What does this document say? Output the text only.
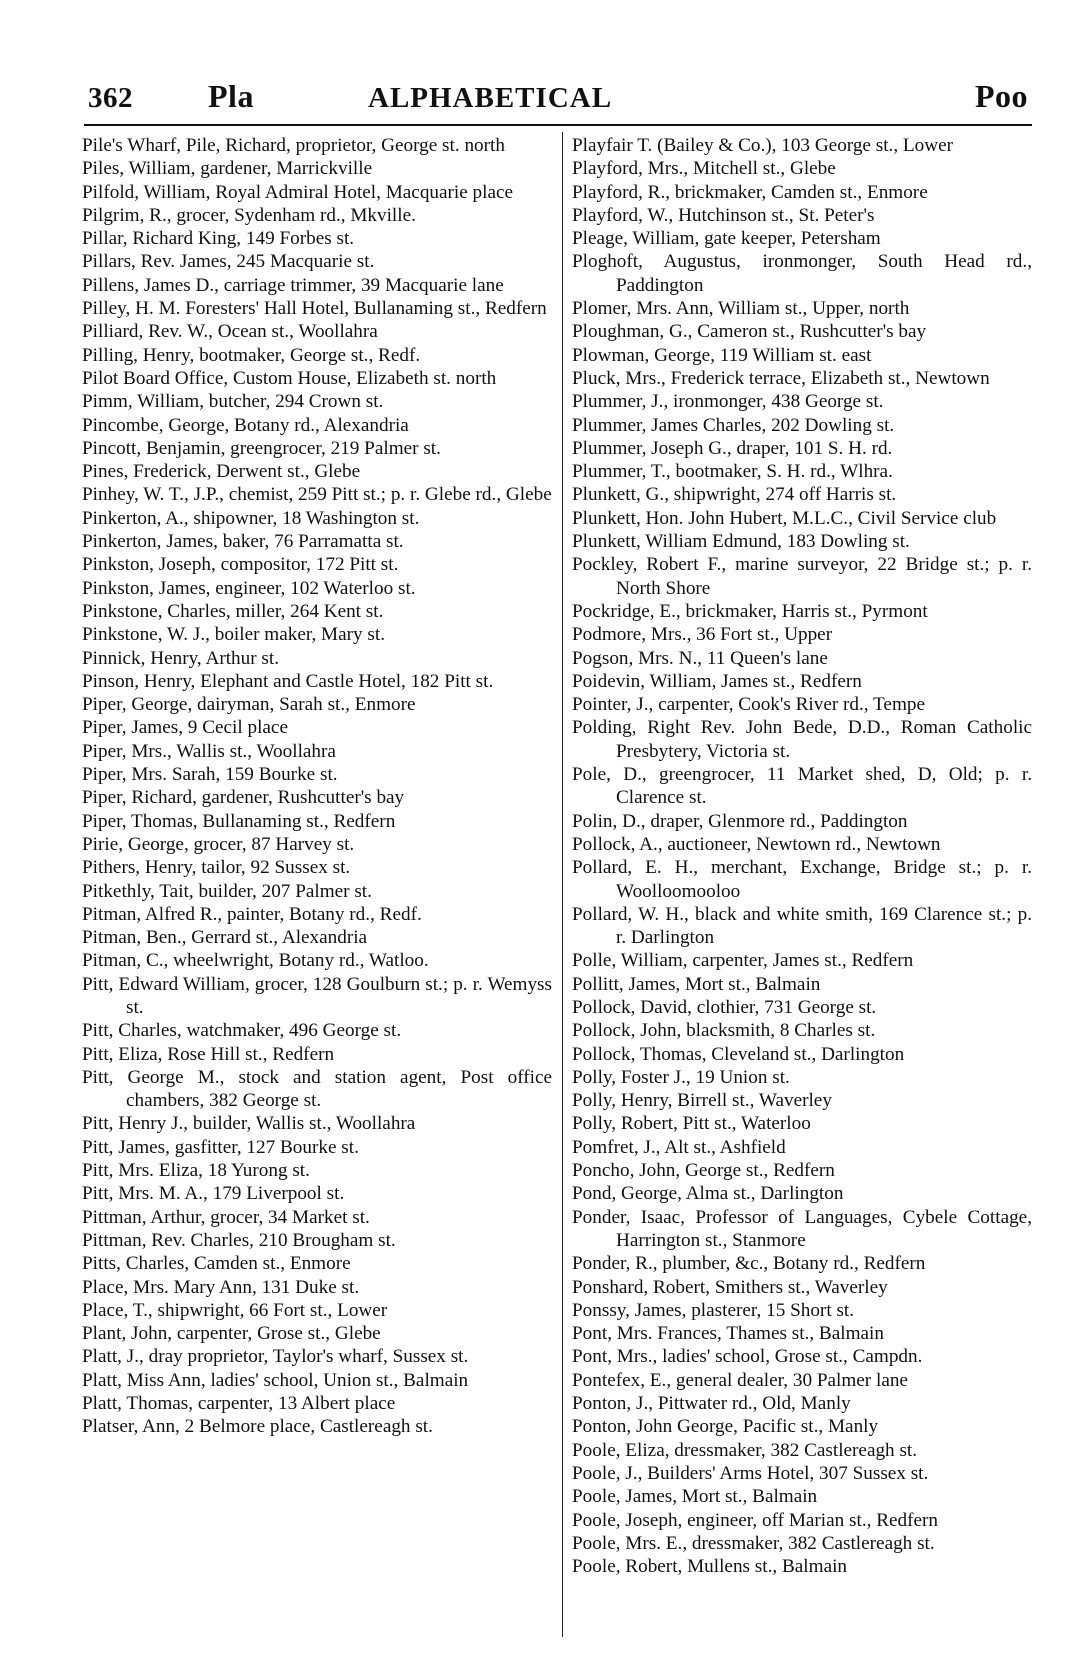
362	Pla	ALPHABETICAL	Poo
Pile's Wharf, Pile, Richard, proprietor, George st. north
Piles, William, gardener, Marrickville
Pilfold, William, Royal Admiral Hotel, Macquarie place
Pilgrim, R., grocer, Sydenham rd., Mkville.
Pillar, Richard King, 149 Forbes st.
Pillars, Rev. James, 245 Macquarie st.
Pillens, James D., carriage trimmer, 39 Macquarie lane
Pilley, H. M. Foresters' Hall Hotel, Bullanaming st., Redfern
Pilliard, Rev. W., Ocean st., Woollahra
Pilling, Henry, bootmaker, George st., Redf.
Pilot Board Office, Custom House, Elizabeth st. north
Pimm, William, butcher, 294 Crown st.
Pincombe, George, Botany rd., Alexandria
Pincott, Benjamin, greengrocer, 219 Palmer st.
Pines, Frederick, Derwent st., Glebe
Pinhey, W. T., J.P., chemist, 259 Pitt st.; p. r. Glebe rd., Glebe
Pinkerton, A., shipowner, 18 Washington st.
Pinkerton, James, baker, 76 Parramatta st.
Pinkston, Joseph, compositor, 172 Pitt st.
Pinkston, James, engineer, 102 Waterloo st.
Pinkstone, Charles, miller, 264 Kent st.
Pinkstone, W. J., boiler maker, Mary st.
Pinnick, Henry, Arthur st.
Pinson, Henry, Elephant and Castle Hotel, 182 Pitt st.
Piper, George, dairyman, Sarah st., Enmore
Piper, James, 9 Cecil place
Piper, Mrs., Wallis st., Woollahra
Piper, Mrs. Sarah, 159 Bourke st.
Piper, Richard, gardener, Rushcutter's bay
Piper, Thomas, Bullanaming st., Redfern
Pirie, George, grocer, 87 Harvey st.
Pithers, Henry, tailor, 92 Sussex st.
Pitkethly, Tait, builder, 207 Palmer st.
Pitman, Alfred R., painter, Botany rd., Redf.
Pitman, Ben., Gerrard st., Alexandria
Pitman, C., wheelwright, Botany rd., Watloo.
Pitt, Edward William, grocer, 128 Goulburn st.; p. r. Wemyss st.
Pitt, Charles, watchmaker, 496 George st.
Pitt, Eliza, Rose Hill st., Redfern
Pitt, George M., stock and station agent, Post office chambers, 382 George st.
Pitt, Henry J., builder, Wallis st., Woollahra
Pitt, James, gasfitter, 127 Bourke st.
Pitt, Mrs. Eliza, 18 Yurong st.
Pitt, Mrs. M. A., 179 Liverpool st.
Pittman, Arthur, grocer, 34 Market st.
Pittman, Rev. Charles, 210 Brougham st.
Pitts, Charles, Camden st., Enmore
Place, Mrs. Mary Ann, 131 Duke st.
Place, T., shipwright, 66 Fort st., Lower
Plant, John, carpenter, Grose st., Glebe
Platt, J., dray proprietor, Taylor's wharf, Sussex st.
Platt, Miss Ann, ladies' school, Union st., Balmain
Platt, Thomas, carpenter, 13 Albert place
Platser, Ann, 2 Belmore place, Castlereagh st.
Playfair T. (Bailey & Co.), 103 George st., Lower
Playford, Mrs., Mitchell st., Glebe
Playford, R., brickmaker, Camden st., Enmore
Playford, W., Hutchinson st., St. Peter's
Pleage, William, gate keeper, Petersham
Ploghoft, Augustus, ironmonger, South Head rd., Paddington
Plomer, Mrs. Ann, William st., Upper, north
Ploughman, G., Cameron st., Rushcutter's bay
Plowman, George, 119 William st. east
Pluck, Mrs., Frederick terrace, Elizabeth st., Newtown
Plummer, J., ironmonger, 438 George st.
Plummer, James Charles, 202 Dowling st.
Plummer, Joseph G., draper, 101 S. H. rd.
Plummer, T., bootmaker, S. H. rd., Wlhra.
Plunkett, G., shipwright, 274 off Harris st.
Plunkett, Hon. John Hubert, M.L.C., Civil Service club
Plunkett, William Edmund, 183 Dowling st.
Pockley, Robert F., marine surveyor, 22 Bridge st.; p. r. North Shore
Pockridge, E., brickmaker, Harris st., Pyrmont
Podmore, Mrs., 36 Fort st., Upper
Pogson, Mrs. N., 11 Queen's lane
Poidevin, William, James st., Redfern
Pointer, J., carpenter, Cook's River rd., Tempe
Polding, Right Rev. John Bede, D.D., Roman Catholic Presbytery, Victoria st.
Pole, D., greengrocer, 11 Market shed, D, Old; p. r. Clarence st.
Polin, D., draper, Glenmore rd., Paddington
Pollock, A., auctioneer, Newtown rd., Newtown
Pollard, E. H., merchant, Exchange, Bridge st.; p. r. Woolloomooloo
Pollard, W. H., black and white smith, 169 Clarence st.; p. r. Darlington
Polle, William, carpenter, James st., Redfern
Pollitt, James, Mort st., Balmain
Pollock, David, clothier, 731 George st.
Pollock, John, blacksmith, 8 Charles st.
Pollock, Thomas, Cleveland st., Darlington
Polly, Foster J., 19 Union st.
Polly, Henry, Birrell st., Waverley
Polly, Robert, Pitt st., Waterloo
Pomfret, J., Alt st., Ashfield
Poncho, John, George st., Redfern
Pond, George, Alma st., Darlington
Ponder, Isaac, Professor of Languages, Cybele Cottage, Harrington st., Stanmore
Ponder, R., plumber, &c., Botany rd., Redfern
Ponshard, Robert, Smithers st., Waverley
Ponssy, James, plasterer, 15 Short st.
Pont, Mrs. Frances, Thames st., Balmain
Pont, Mrs., ladies' school, Grose st., Campdn.
Pontefex, E., general dealer, 30 Palmer lane
Ponton, J., Pittwater rd., Old, Manly
Ponton, John George, Pacific st., Manly
Poole, Eliza, dressmaker, 382 Castlereagh st.
Poole, J., Builders' Arms Hotel, 307 Sussex st.
Poole, James, Mort st., Balmain
Poole, Joseph, engineer, off Marian st., Redfern
Poole, Mrs. E., dressmaker, 382 Castlereagh st.
Poole, Robert, Mullens st., Balmain
